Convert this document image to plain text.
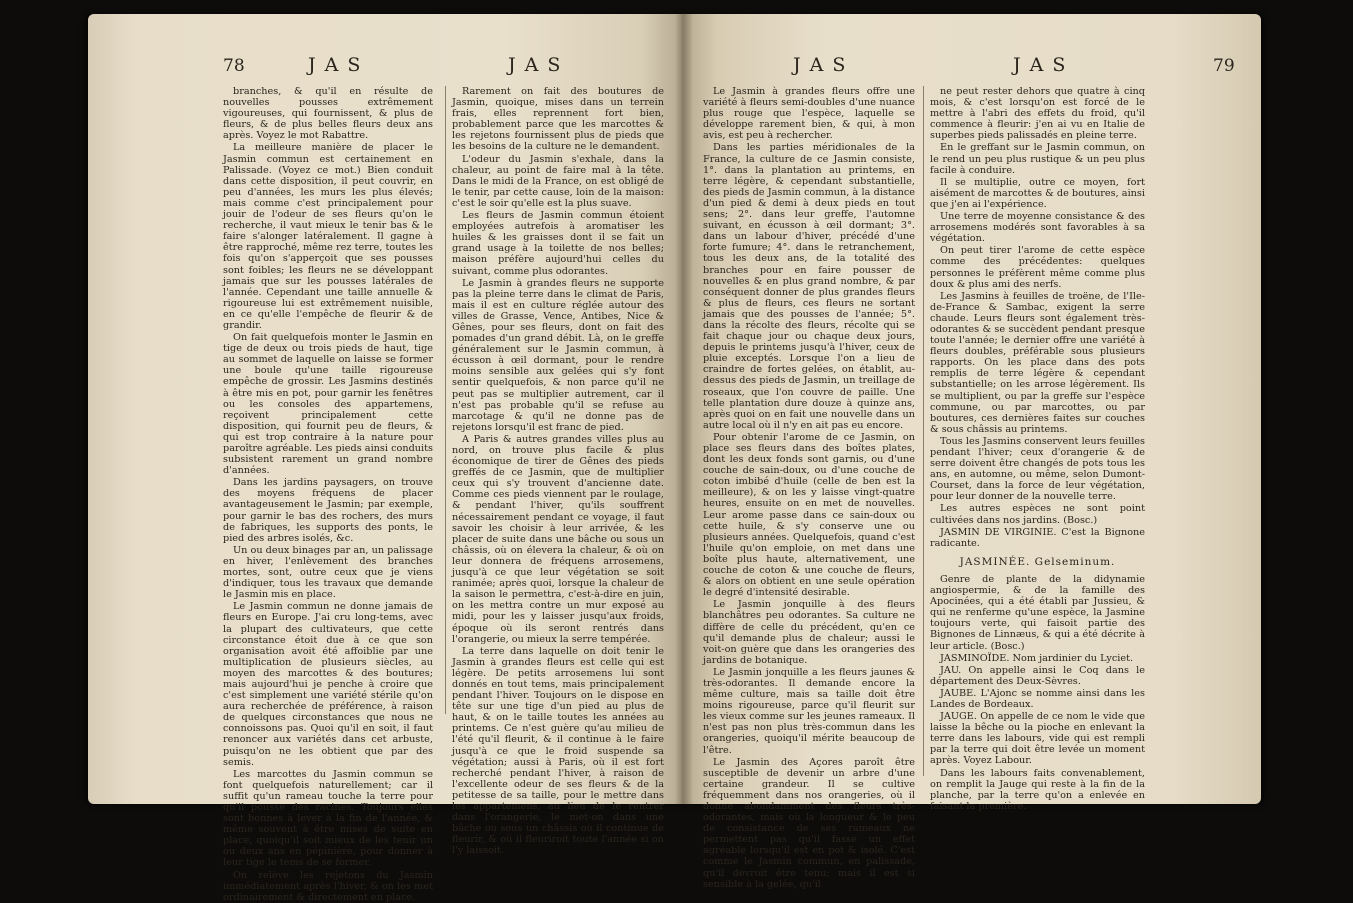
78	JAS	JAS

branches, & qu'il en résulte de nouvelles pousses extrêmement vigoureuses, qui fournissent, & plus de fleurs, & de plus belles fleurs deux ans après. Voyez le mot Rabattre.

La meilleure manière de placer le Jasmin commun est certainement en Palissade. (Voyez ce mot.) Bien conduit dans cette disposition, il peut couvrir, en peu d'années, les murs les plus élevés; mais comme c'est principalement pour jouir de l'odeur de ses fleurs qu'on le recherche, il vaut mieux le tenir bas & le faire s'alonger latéralement. Il gagne à être rapproché, même rez terre, toutes les fois qu'on s'apperçoit que ses pousses sont foibles; les fleurs ne se développant jamais que sur les pousses latérales de l'année. Cependant une taille annuelle & rigoureuse lui est extrêmement nuisible, en ce qu'elle l'empêche de fleurir & de grandir.

On fait quelquefois monter le Jasmin en tige de deux ou trois pieds de haut, tige au sommet de laquelle on laisse se former une boule qu'une taille rigoureuse empêche de grossir. Les Jasmins destinés à être mis en pot, pour garnir les fenêtres ou les consoles des appartemens, reçoivent principalement cette disposition, qui fournit peu de fleurs, & qui est trop contraire à la nature pour paroître agréable. Les pieds ainsi conduits subsistent rarement un grand nombre d'années.

Dans les jardins paysagers, on trouve des moyens fréquens de placer avantageusement le Jasmin; par exemple, pour garnir le bas des rochers, des murs de fabriques, les supports des ponts, le pied des arbres isolés, &c.

Un ou deux binages par an, un palissage en hiver, l'enlèvement des branches mortes, sont, outre ceux que je viens d'indiquer, tous les travaux que demande le Jasmin mis en place.

Le Jasmin commun ne donne jamais de fleurs en Europe. J'ai cru long-tems, avec la plupart des cultivateurs, que cette circonstance étoit due à ce que son organisation avoit été affoiblie par une multiplication de plusieurs siècles, au moyen des marcottes & des boutures; mais aujourd'hui je penche à croire que c'est simplement une variété stérile qu'on aura recherchée de préférence, à raison de quelques circonstances que nous ne connoissons pas. Quoi qu'il en soit, il faut renoncer aux variétés dans cet arbuste, puisqu'on ne les obtient que par des semis.

Les marcottes du Jasmin commun se font quelquefois naturellement; car il suffit qu'un rameau touche la terre pour qu'il pousse des racines. Toujours elles sont bonnes à lever à la fin de l'année, & même souvent à être mises de suite en place, quoiqu'il soit mieux de les tenir un ou deux ans en pépinière, pour donner à leur tige le tems de se former.

On relève les rejetons du Jasmin immédiatement après l'hiver, & on les met ordinairement & directement en place.

Rarement on fait des boutures de Jasmin, quoique, mises dans un terrein frais, elles reprennent fort bien, probablement parce que les marcottes & les rejetons fournissent plus de pieds que les besoins de la culture ne le demandent.

L'odeur du Jasmin s'exhale, dans la chaleur, au point de faire mal à la tête. Dans le midi de la France, on est obligé de le tenir, par cette cause, loin de la maison: c'est le soir qu'elle est la plus suave.

Les fleurs de Jasmin commun étoient employées autrefois à aromatiser les huiles & les graisses dont il se fait un grand usage à la toilette de nos belles; maison préfère aujourd'hui celles du suivant, comme plus odorantes.

Le Jasmin à grandes fleurs ne supporte pas la pleine terre dans le climat de Paris, mais il est en culture réglée autour des villes de Grasse, Vence, Antibes, Nice & Gênes, pour ses fleurs, dont on fait des pomades d'un grand débit. Là, on le greffe généralement sur le Jasmin commun, à écusson à œil dormant, pour le rendre moins sensible aux gelées qui s'y font sentir quelquefois, & non parce qu'il ne peut pas se multiplier autrement, car il n'est pas probable qu'il se refuse au marcotage & qu'il ne donne pas de rejetons lorsqu'il est franc de pied.

A Paris & autres grandes villes plus au nord, on trouve plus facile & plus économique de tirer de Gênes des pieds greffés de ce Jasmin, que de multiplier ceux qui s'y trouvent d'ancienne date. Comme ces pieds viennent par le roulage, & pendant l'hiver, qu'ils souffrent nécessairement pendant ce voyage, il faut savoir les choisir à leur arrivée, & les placer de suite dans une bâche ou sous un châssis, où on élevera la chaleur, & où on leur donnera de fréquens arrosemens, jusqu'à ce que leur végétation se soit ranimée; après quoi, lorsque la chaleur de la saison le permettra, c'est-à-dire en juin, on les mettra contre un mur exposé au midi, pour les y laisser jusqu'aux froids, époque où ils seront rentrés dans l'orangerie, ou mieux la serre tempérée.

La terre dans laquelle on doit tenir le Jasmin à grandes fleurs est celle qui est légère. De petits arrosemens lui sont donnés en tout tems, mais principalement pendant l'hiver. Toujours on le dispose en tête sur une tige d'un pied au plus de haut, & on le taille toutes les années au printems. Ce n'est guère qu'au milieu de l'été qu'il fleurit, & il continue à le faire jusqu'à ce que le froid suspende sa végétation; aussi à Paris, où il est fort recherché pendant l'hiver, à raison de l'excellente odeur de ses fleurs & de la petitesse de sa taille, pour le mettre dans les appartemens, au lieu de le rentrer dans l'orangerie, le met-on dans une bâche ou sous un châssis où il continue de fleurir, & où il fleuriroit toute l'année si on l'y laissoit.

JAS	JAS	79

Le Jasmin à grandes fleurs offre une variété à fleurs semi-doubles d'une nuance plus rouge que l'espèce, laquelle se développe rarement bien, & qui, à mon avis, est peu à rechercher.

Dans les parties méridionales de la France, la culture de ce Jasmin consiste, 1°. dans la plantation au printems, en terre légère, & cependant substantielle, des pieds de Jasmin commun, à la distance d'un pied & demi à deux pieds en tout sens; 2°. dans leur greffe, l'automne suivant, en écusson à œil dormant; 3°. dans un labour d'hiver, précédé d'une forte fumure; 4°. dans le retranchement, tous les deux ans, de la totalité des branches pour en faire pousser de nouvelles & en plus grand nombre, & par conséquent donner de plus grandes fleurs & plus de fleurs, ces fleurs ne sortant jamais que des pousses de l'année; 5°. dans la récolte des fleurs, récolte qui se fait chaque jour ou chaque deux jours, depuis le printems jusqu'à l'hiver, ceux de pluie exceptés. Lorsque l'on a lieu de craindre de fortes gelées, on établit, au-dessus des pieds de Jasmin, un treillage de roseaux, que l'on couvre de paille. Une telle plantation dure douze à quinze ans, après quoi on en fait une nouvelle dans un autre local où il n'y en ait pas eu encore.

Pour obtenir l'arome de ce Jasmin, on place ses fleurs dans des boîtes plates, dont les deux fonds sont garnis, ou d'une couche de sain-doux, ou d'une couche de coton imbibé d'huile (celle de ben est la meilleure), & on les y laisse vingt-quatre heures, ensuite on en met de nouvelles. Leur arome passe dans ce sain-doux ou cette huile, & s'y conserve une ou plusieurs années. Quelquefois, quand c'est l'huile qu'on emploie, on met dans une boîte plus haute, alternativement, une couche de coton & une couche de fleurs, & alors on obtient en une seule opération le degré d'intensité desirable.

Le Jasmin jonquille à des fleurs blanchâtres peu odorantes. Sa culture ne diffère de celle du précédent, qu'en ce qu'il demande plus de chaleur; aussi le voit-on guère que dans les orangeries des jardins de botanique.

Le Jasmin jonquille a les fleurs jaunes & très-odorantes. Il demande encore la même culture, mais sa taille doit être moins rigoureuse, parce qu'il fleurit sur les vieux comme sur les jeunes rameaux. Il n'est pas non plus très-commun dans les orangeries, quoiqu'il mérite beaucoup de l'être.

Le Jasmin des Açores paroît être susceptible de devenir un arbre d'une certaine grandeur. Il se cultive fréquemment dans nos orangeries, où il donne abondamment des fleurs très-odorantes, mais où la longueur & le peu de consistance de ses rameaux ne permettent pas qu'il fasse un effet agréable lorsqu'il est en pot & isolé. C'est comme le Jasmin commun, en palissade, qu'il devroit être tenu; mais il est si sensible à la gelée, qu'il

ne peut rester dehors que quatre à cinq mois, & c'est lorsqu'on est forcé de le mettre à l'abri des effets du froid, qu'il commence à fleurir: j'en ai vu en Italie de superbes pieds palissadés en pleine terre.

En le greffant sur le Jasmin commun, on le rend un peu plus rustique & un peu plus facile à conduire.

Il se multiplie, outre ce moyen, fort aisément de marcottes & de boutures, ainsi que j'en ai l'expérience.

Une terre de moyenne consistance & des arrosemens modérés sont favorables à sa végétation.

On peut tirer l'arome de cette espèce comme des précédentes: quelques personnes le préfèrent même comme plus doux & plus ami des nerfs.

Les Jasmins à feuilles de troëne, de l'Ile-de-France & Sambac, exigent la serre chaude. Leurs fleurs sont également très-odorantes & se succèdent pendant presque toute l'année; le dernier offre une variété à fleurs doubles, préférable sous plusieurs rapports. On les place dans des pots remplis de terre légère & cependant substantielle; on les arrose légèrement. Ils se multiplient, ou par la greffe sur l'espèce commune, ou par marcottes, ou par boutures, ces dernières faites sur couches & sous châssis au printems.

Tous les Jasmins conservent leurs feuilles pendant l'hiver; ceux d'orangerie & de serre doivent être changés de pots tous les ans, en automne, ou même, selon Dumont-Courset, dans la force de leur végétation, pour leur donner de la nouvelle terre.

Les autres espèces ne sont point cultivées dans nos jardins. (Bosc.)

JASMIN DE VIRGINIE. C'est la Bignone radicante.

JASMINÉE. Gelseminum.

Genre de plante de la didynamie angiospermie, & de la famille des Apocinées, qui a été établi par Jussieu, & qui ne renferme qu'une espèce, la Jasmine toujours verte, qui faisoit partie des Bignones de Linnæus, & qui a été décrite à leur article. (Bosc.)

JASMINOÏDE. Nom jardinier du Lyciet.

JAU. On appelle ainsi le Coq dans le département des Deux-Sèvres.

JAUBE. L'Ajonc se nomme ainsi dans les Landes de Bordeaux.

JAUGE. On appelle de ce nom le vide que laisse la bêche ou la pioche en enlevant la terre dans les labours, vide qui est rempli par la terre qui doit être levée un moment après. Voyez Labour.

Dans les labours faits convenablement, on remplit la Jauge qui reste à la fin de la planche, par la terre qu'on a enlevée en faisant la première.
